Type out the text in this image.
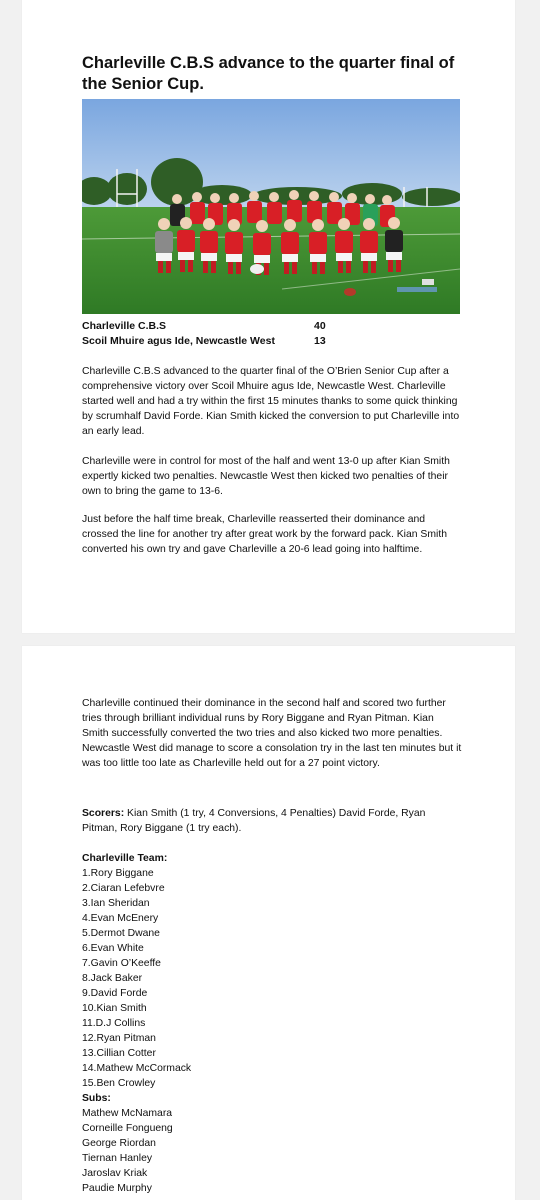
Charleville C.B.S advance to the quarter final of the Senior Cup.
Charleville C.B.S	40
Scoil Mhuire agus Ide, Newcastle West	13

Charleville C.B.S advanced to the quarter final of the O’Brien Senior Cup after a comprehensive victory over Scoil Mhuire agus Ide, Newcastle West. Charleville started well and had a try within the first 15 minutes thanks to some quick thinking by scrumhalf David Forde. Kian Smith kicked the conversion to put Charleville into an early lead.

Charleville were in control for most of the half and went 13-0 up after Kian Smith expertly kicked two penalties. Newcastle West then kicked two penalties of their own to bring the game to 13-6.

Just before the half time break, Charleville reasserted their dominance and crossed the line for another try after great work by the forward pack. Kian Smith converted his own try and gave Charleville a 20-6 lead going into halftime.

Charleville continued their dominance in the second half and scored two further tries through brilliant individual runs by Rory Biggane and Ryan Pitman. Kian Smith successfully converted the two tries and also kicked two more penalties. Newcastle West did manage to score a consolation try in the last ten minutes but it was too little too late as Charleville held out for a 27 point victory.

Scorers: Kian Smith (1 try, 4 Conversions, 4 Penalties) David Forde, Ryan Pitman, Rory Biggane (1 try each).

Charleville Team:
1.Rory Biggane
2.Ciaran Lefebvre
3.Ian Sheridan
4.Evan McEnery
5.Dermot Dwane
6.Evan White
7.Gavin O’Keeffe
8.Jack Baker
9.David Forde
10.Kian Smith
11.D.J Collins
12.Ryan Pitman
13.Cillian Cotter
14.Mathew McCormack
15.Ben Crowley
Subs:
Mathew McNamara
Corneille Fongueng
George Riordan
Tiernan Hanley
Jaroslav Kriak
Paudie Murphy
